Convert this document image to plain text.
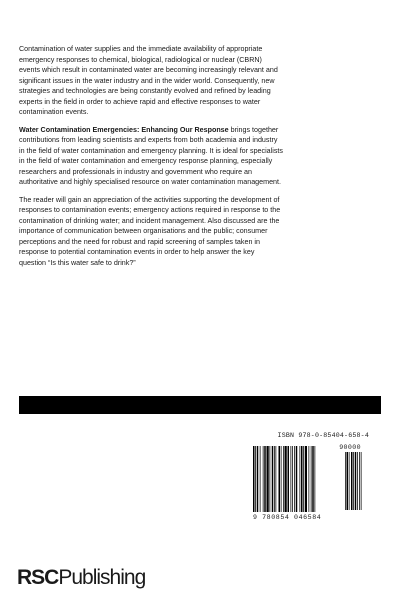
Contamination of water supplies and the immediate availability of appropriate emergency responses to chemical, biological, radiological or nuclear (CBRN) events which result in contaminated water are becoming increasingly relevant and significant issues in the water industry and in the wider world. Consequently, new strategies and technologies are being constantly evolved and refined by leading experts in the field in order to achieve rapid and effective responses to water contamination events.

Water Contamination Emergencies: Enhancing Our Response brings together contributions from leading scientists and experts from both academia and industry in the field of water contamination and emergency planning. It is ideal for specialists in the field of water contamination and emergency response planning, especially researchers and professionals in industry and government who require an authoritative and highly specialised resource on water contamination management.

The reader will gain an appreciation of the activities supporting the development of responses to contamination events; emergency actions required in response to the contamination of drinking water; and incident management. Also discussed are the importance of communication between organisations and the public; consumer perceptions and the need for robust and rapid screening of samples taken in response to potential contamination events in order to help answer the key question “Is this water safe to drink?”

ISBN 978-0-85404-658-4
90000
9 780854 046584
RSCPublishing
